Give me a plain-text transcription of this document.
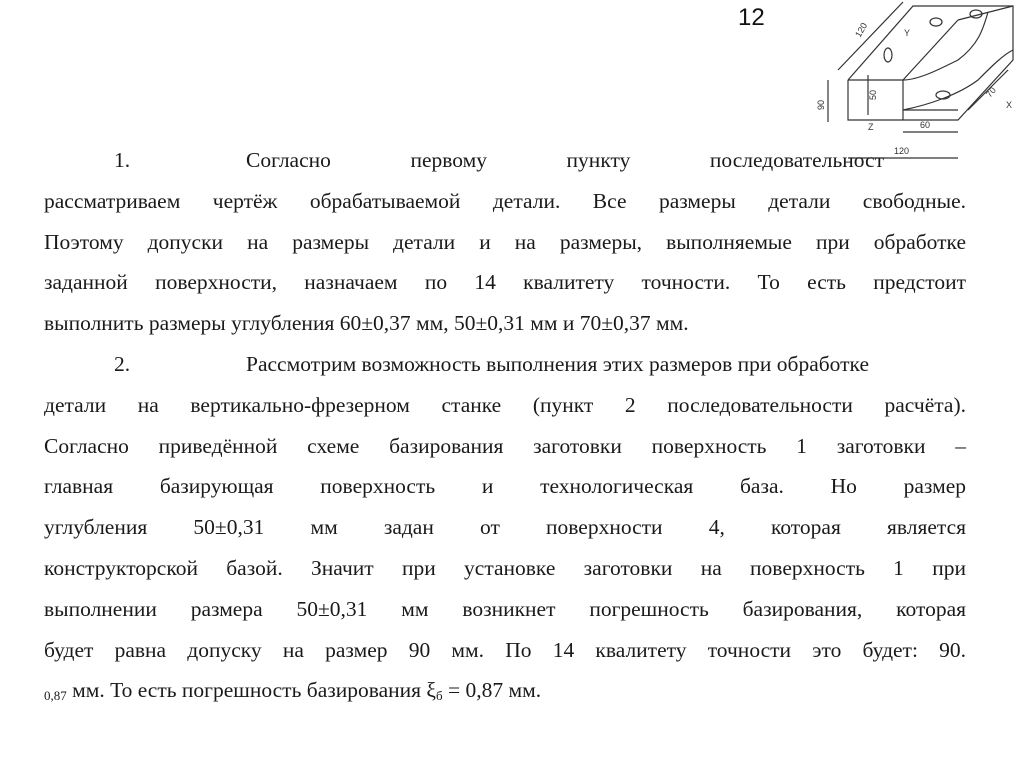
12	120
90
50
60
120
70
Y
Z
X
1.	Согласно первому пункту последовательност
рассматриваем чертёж обрабатываемой детали. Все размеры детали свободные.
Поэтому допуски на размеры детали и на размеры, выполняемые при обработке
заданной поверхности, назначаем по 14 квалитету точности. То есть предстоит
выполнить размеры углубления 60±0,37 мм, 50±0,31 мм и 70±0,37 мм.
2.	Рассмотрим возможность выполнения этих размеров при обработке
детали на вертикально-фрезерном станке (пункт 2 последовательности расчёта).
Согласно приведённой схеме базирования заготовки поверхность 1 заготовки –
главная базирующая поверхность и технологическая база. Но размер
углубления 50±0,31 мм задан от поверхности 4, которая является
конструкторской базой. Значит при установке заготовки на поверхность 1 при
выполнении размера 50±0,31 мм возникнет погрешность базирования, которая
будет равна допуску на размер 90 мм. По 14 квалитету точности это будет: 90.
$_{0,87}$ мм. То есть погрешность базирования $\xi_б = 0,87$ мм.
